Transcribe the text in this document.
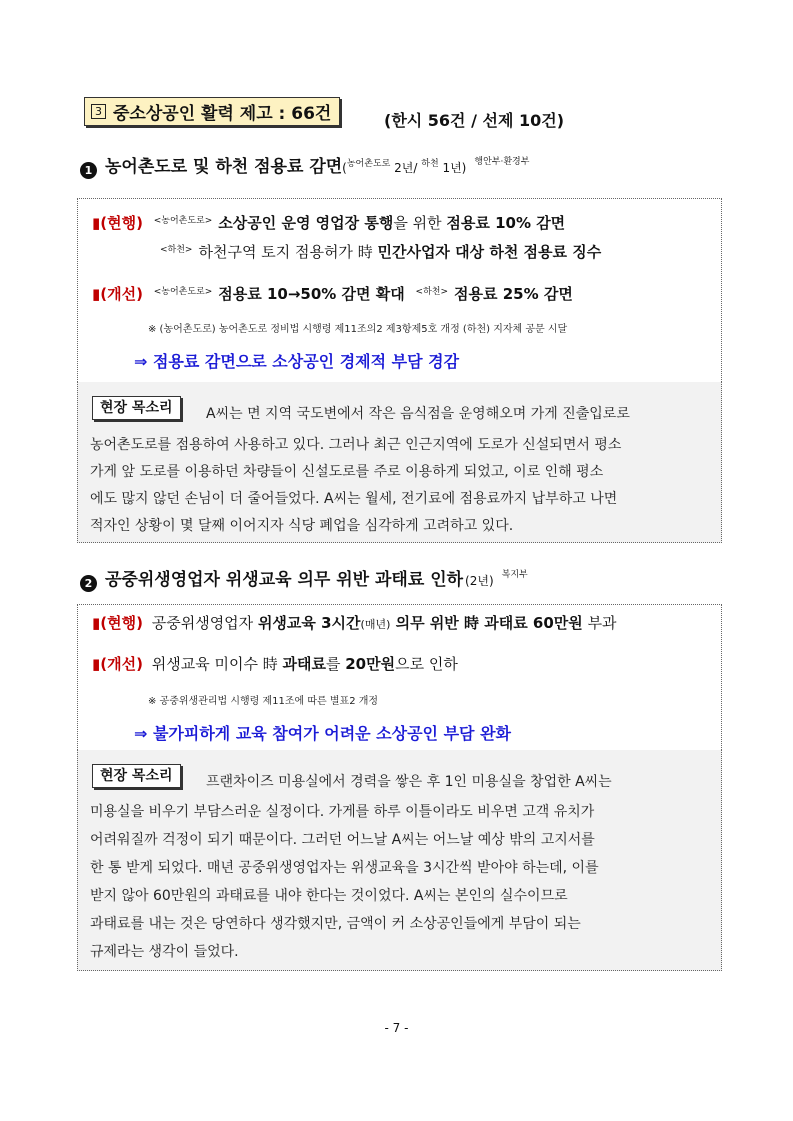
3 중소상공인 활력 제고 : 66건	(한시 56건 / 선제 10건)
1 농어촌도로 및 하천 점용료 감면 ($^{농어촌도로}$ 2년/ $^{하천}$ 1년) 행안부·환경부
▮(현행) $^{<농어촌도로>}$ 소상공인 운영 영업장 통행을 위한 점용료 10% 감면
$^{<하천>}$ 하천구역 토지 점용허가 時 민간사업자 대상 하천 점용료 징수
▮(개선) $^{<농어촌도로>}$ 점용료 10→50% 감면 확대 $^{<하천>}$ 점용료 25% 감면
※ (농어촌도로) 농어촌도로 정비법 시행령 제11조의2 제3항제5호 개정 (하천) 지자체 공문 시달
⇒ 점용료 감면으로 소상공인 경제적 부담 경감
현장 목소리	A씨는 면 지역 국도변에서 작은 음식점을 운영해오며 가게 진출입로로
농어촌도로를 점용하여 사용하고 있다. 그러나 최근 인근지역에 도로가 신설되면서 평소
가게 앞 도로를 이용하던 차량들이 신설도로를 주로 이용하게 되었고, 이로 인해 평소
에도 많지 않던 손님이 더 줄어들었다. A씨는 월세, 전기료에 점용료까지 납부하고 나면
적자인 상황이 몇 달째 이어지자 식당 폐업을 심각하게 고려하고 있다.
2 공중위생영업자 위생교육 의무 위반 과태료 인하 (2년) 복지부
▮(현행) 공중위생영업자 위생교육 3시간(매년) 의무 위반 時 과태료 60만원 부과
▮(개선) 위생교육 미이수 時 과태료를 20만원으로 인하
※ 공중위생관리법 시행령 제11조에 따른 별표2 개정
⇒ 불가피하게 교육 참여가 어려운 소상공인 부담 완화
현장 목소리	프랜차이즈 미용실에서 경력을 쌓은 후 1인 미용실을 창업한 A씨는
미용실을 비우기 부담스러운 실정이다. 가게를 하루 이틀이라도 비우면 고객 유치가
어려워질까 걱정이 되기 때문이다. 그러던 어느날 A씨는 어느날 예상 밖의 고지서를
한 통 받게 되었다. 매년 공중위생영업자는 위생교육을 3시간씩 받아야 하는데, 이를
받지 않아 60만원의 과태료를 내야 한다는 것이었다. A씨는 본인의 실수이므로
과태료를 내는 것은 당연하다 생각했지만, 금액이 커 소상공인들에게 부담이 되는
규제라는 생각이 들었다.
- 7 -
